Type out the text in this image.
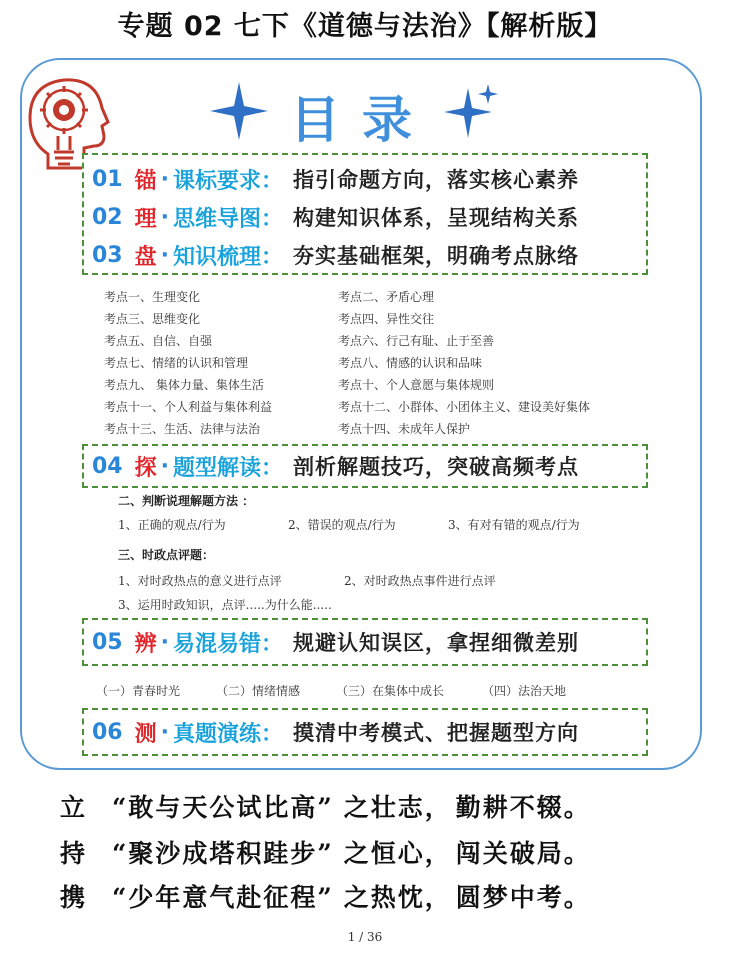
专题 02 七下《道德与法治》【解析版】
目录
01 锚 · 课标要求 ： 指引命题方向，落实核心素养
02 理 · 思维导图 ： 构建知识体系，呈现结构关系
03 盘 · 知识梳理 ： 夯实基础框架，明确考点脉络
考点一、生理变化	考点二、矛盾心理
考点三、思维变化	考点四、异性交往
考点五、自信、自强	考点六、行己有耻、止于至善
考点七、情绪的认识和管理	考点八、情感的认识和品味
考点九、 集体力量、集体生活	考点十、个人意愿与集体规则
考点十一、个人利益与集体利益	考点十二、小群体、小团体主义、建设美好集体
考点十三、生活、法律与法治	考点十四、未成年人保护
04 探 · 题型解读 ： 剖析解题技巧，突破高频考点
二、判断说理解题方法 ：
1、正确的观点/行为	2、错误的观点/行为	3、有对有错的观点/行为
三、时政点评题：
1、对时政热点的意义进行点评	2、对时政热点事件进行点评
3、运用时政知识，点评.....为什么能.....
05 辨 · 易混易错 ： 规避认知误区，拿捏细微差别
（一）青春时光	（二）情绪情感	（三）在集体中成长	（四）法治天地
06 测 · 真题演练 ： 摸清中考模式、把握题型方向
立 “敢与天公试比高” 之壮志， 勤耕不辍。
持 “聚沙成塔积跬步” 之恒心， 闯关破局。
携 “少年意气赴征程” 之热忱， 圆梦中考。
1 / 36
